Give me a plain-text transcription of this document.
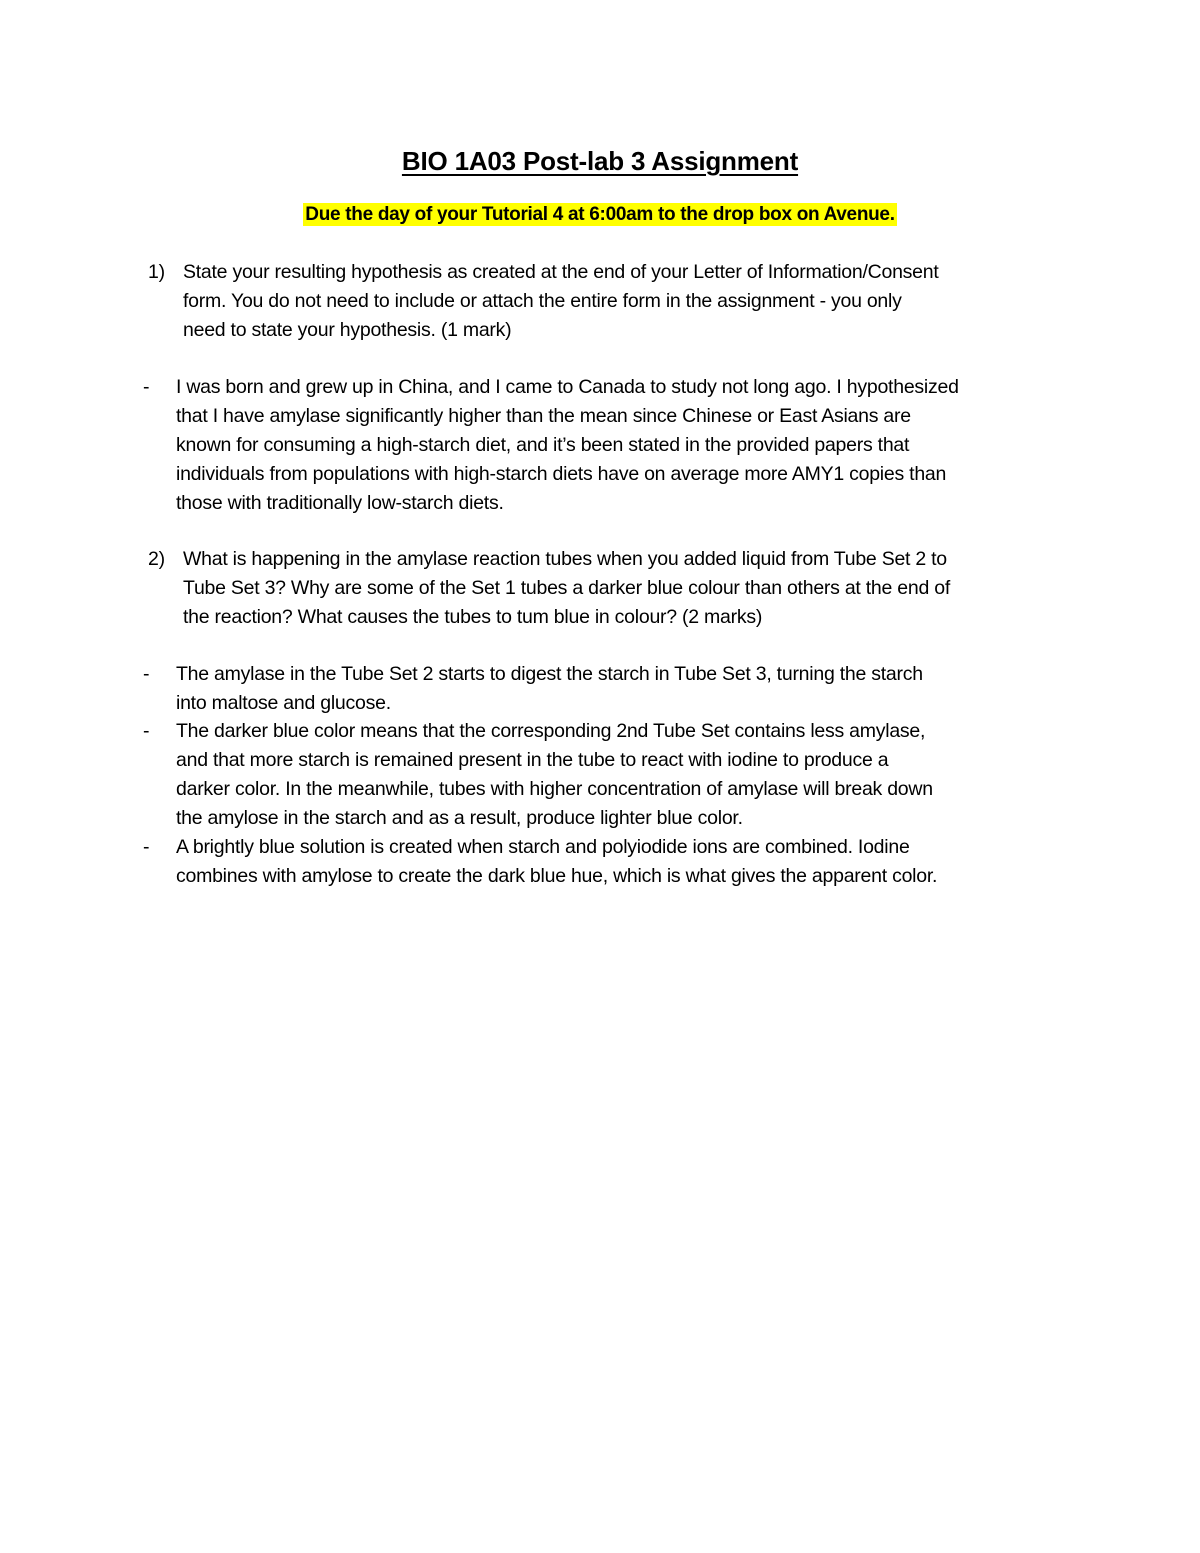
BIO 1A03 Post-lab 3 Assignment
Due the day of your Tutorial 4 at 6:00am to the drop box on Avenue.
1) State your resulting hypothesis as created at the end of your Letter of Information/Consent
form. You do not need to include or attach the entire form in the assignment - you only
need to state your hypothesis. (1 mark)
- I was born and grew up in China, and I came to Canada to study not long ago. I hypothesized
that I have amylase significantly higher than the mean since Chinese or East Asians are
known for consuming a high-starch diet, and it’s been stated in the provided papers that
individuals from populations with high-starch diets have on average more AMY1 copies than
those with traditionally low-starch diets.
2) What is happening in the amylase reaction tubes when you added liquid from Tube Set 2 to
Tube Set 3? Why are some of the Set 1 tubes a darker blue colour than others at the end of
the reaction? What causes the tubes to tum blue in colour? (2 marks)
- The amylase in the Tube Set 2 starts to digest the starch in Tube Set 3, turning the starch
into maltose and glucose.
- The darker blue color means that the corresponding 2nd Tube Set contains less amylase,
and that more starch is remained present in the tube to react with iodine to produce a
darker color. In the meanwhile, tubes with higher concentration of amylase will break down
the amylose in the starch and as a result, produce lighter blue color.
- A brightly blue solution is created when starch and polyiodide ions are combined. Iodine
combines with amylose to create the dark blue hue, which is what gives the apparent color.
